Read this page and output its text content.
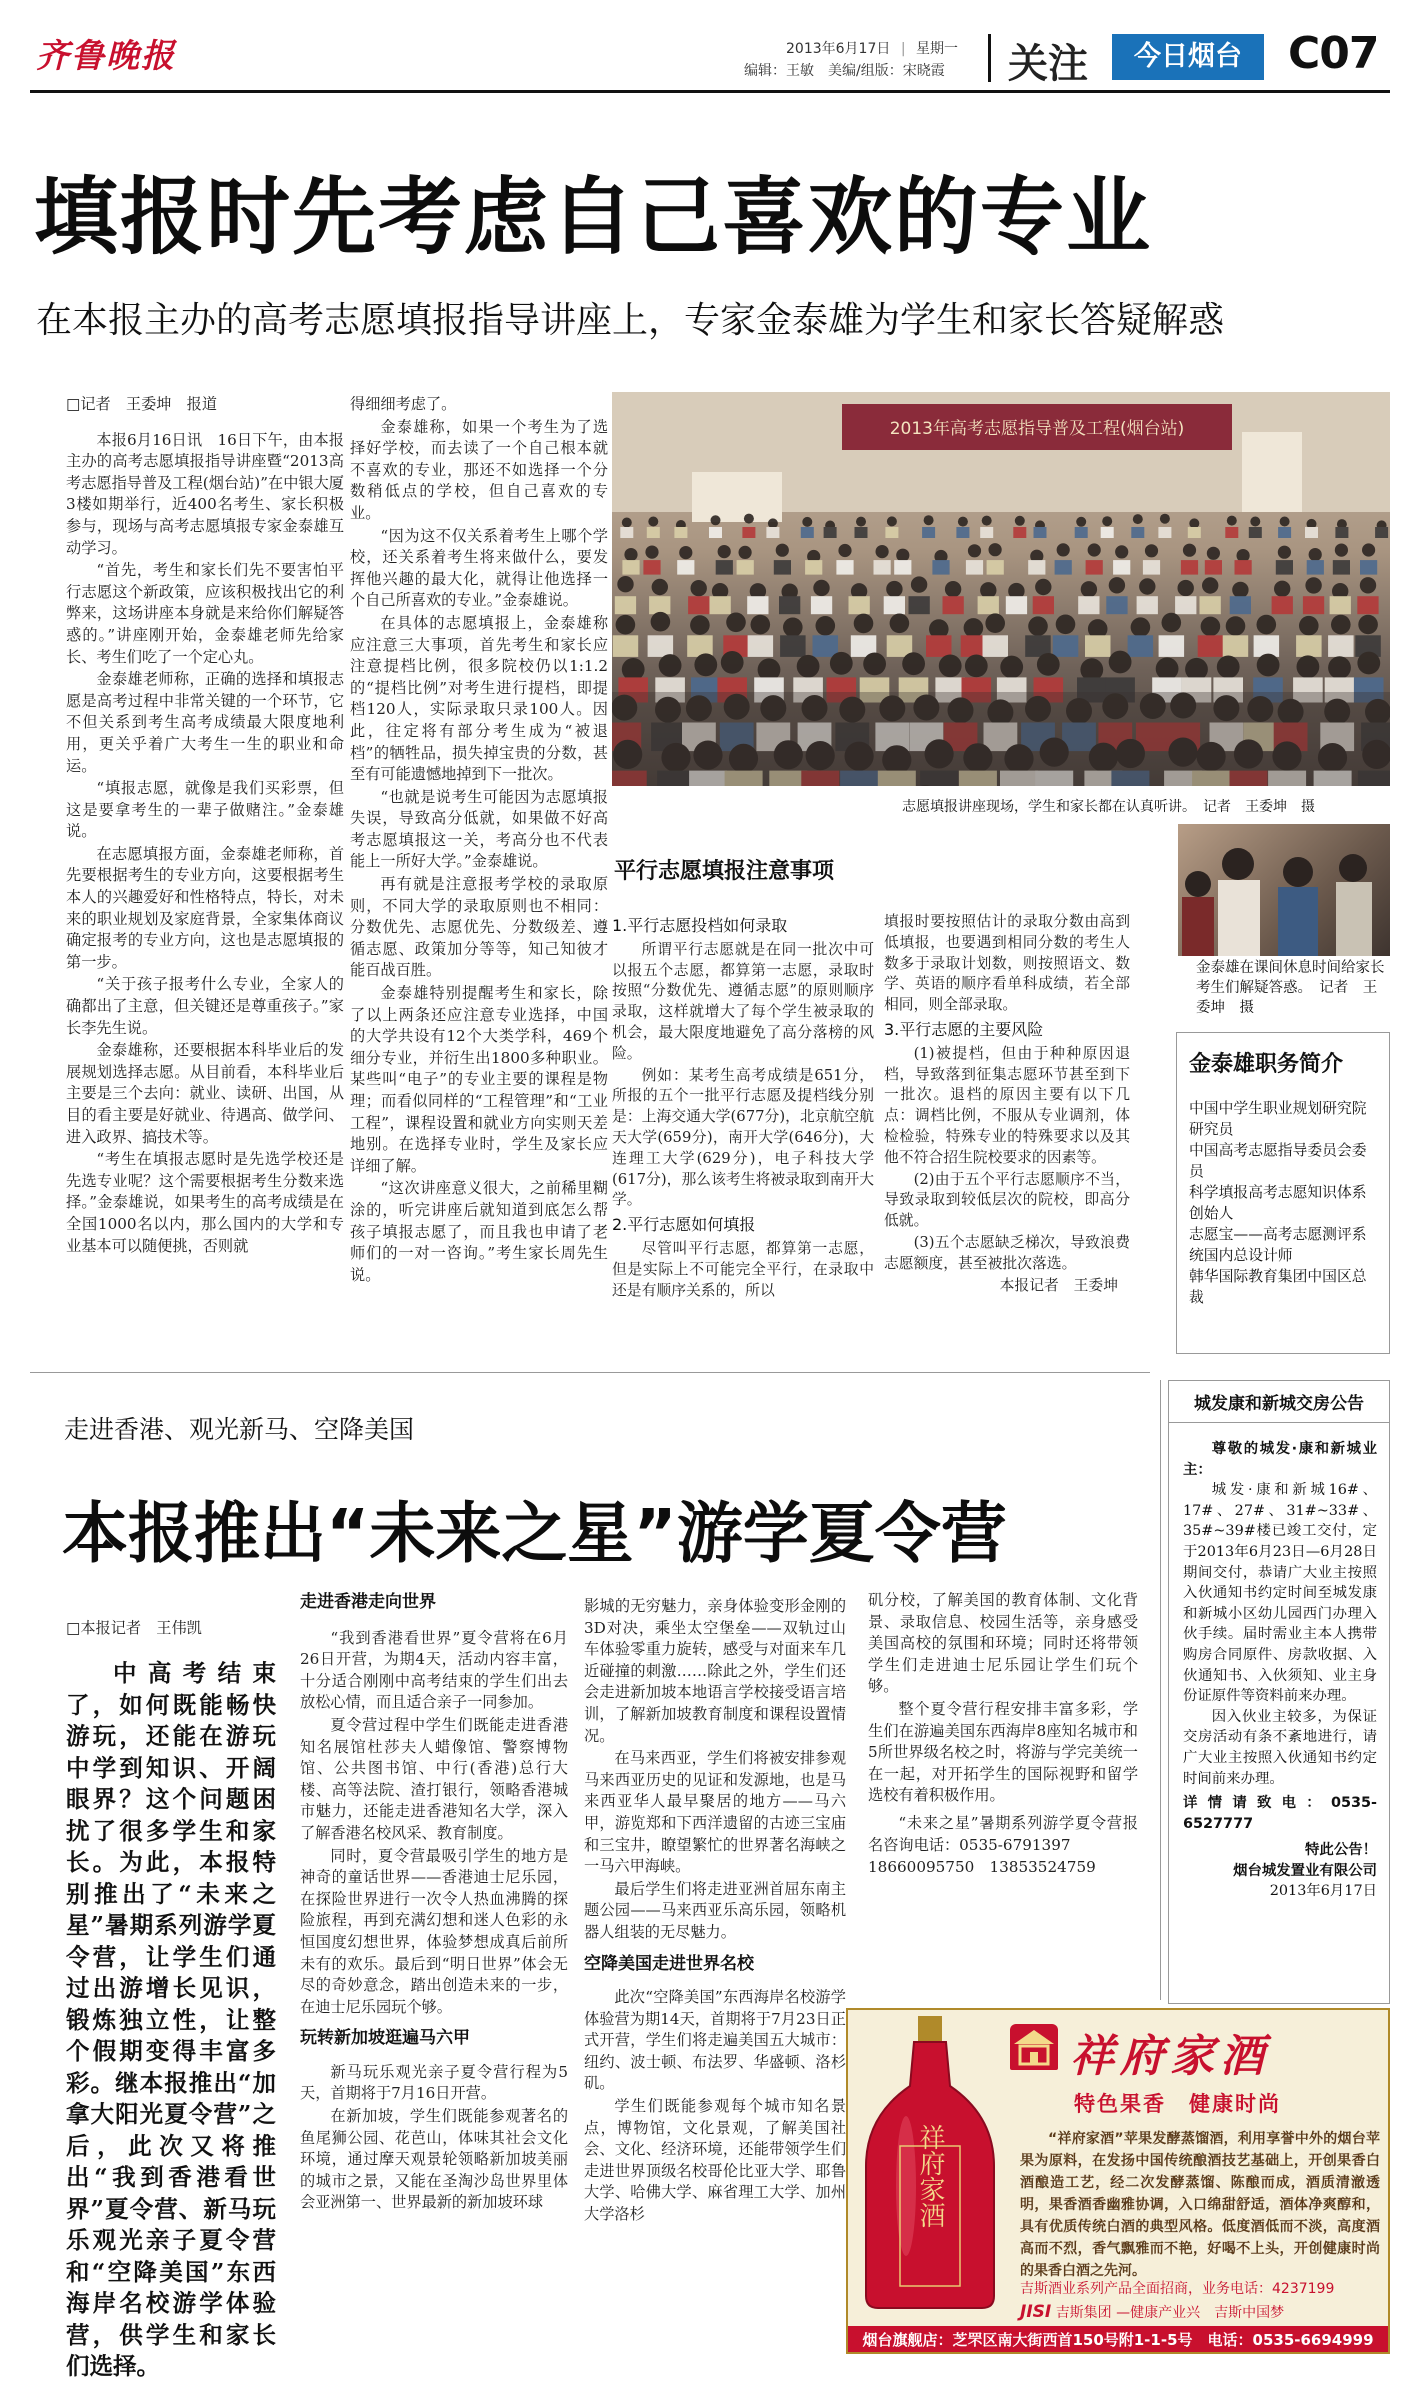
齐鲁晚报	2013年6月17日 | 星期一
编辑：王敏　美编/组版：宋晓霞 关注	今日烟台	C07
填报时先考虑自己喜欢的专业
在本报主办的高考志愿填报指导讲座上，专家金泰雄为学生和家长答疑解惑

□记者　王委坤　报道

本报6月16日讯　16日下午，由本报主办的高考志愿填报指导讲座暨“2013高考志愿指导普及工程(烟台站)”在中银大厦3楼如期举行，近400名考生、家长积极参与，现场与高考志愿填报专家金泰雄互动学习。

“首先，考生和家长们先不要害怕平行志愿这个新政策，应该积极找出它的利弊来，这场讲座本身就是来给你们解疑答惑的。”讲座刚开始，金泰雄老师先给家长、考生们吃了一个定心丸。

金泰雄老师称，正确的选择和填报志愿是高考过程中非常关键的一个环节，它不但关系到考生高考成绩最大限度地利用，更关乎着广大考生一生的职业和命运。

“填报志愿，就像是我们买彩票，但这是要拿考生的一辈子做赌注。”金泰雄说。

在志愿填报方面，金泰雄老师称，首先要根据考生的专业方向，这要根据考生本人的兴趣爱好和性格特点，特长，对未来的职业规划及家庭背景，全家集体商议确定报考的专业方向，这也是志愿填报的第一步。

“关于孩子报考什么专业，全家人的确都出了主意，但关键还是尊重孩子。”家长李先生说。

金泰雄称，还要根据本科毕业后的发展规划选择志愿。从目前看，本科毕业后主要是三个去向：就业、读研、出国，从目的看主要是好就业、待遇高、做学问、进入政界、搞技术等。

“考生在填报志愿时是先选学校还是先选专业呢？这个需要根据考生分数来选择。”金泰雄说，如果考生的高考成绩是在全国1000名以内，那么国内的大学和专业基本可以随便挑，否则就

得细细考虑了。

金泰雄称，如果一个考生为了选择好学校，而去读了一个自己根本就不喜欢的专业，那还不如选择一个分数稍低点的学校，但自己喜欢的专业。

“因为这不仅关系着考生上哪个学校，还关系着考生将来做什么，要发挥他兴趣的最大化，就得让他选择一个自己所喜欢的专业。”金泰雄说。

在具体的志愿填报上，金泰雄称应注意三大事项，首先考生和家长应注意提档比例，很多院校仍以1:1.2的“提档比例”对考生进行提档，即提档120人，实际录取只录100人。因此，往定将有部分考生成为“被退档”的牺牲品，损失掉宝贵的分数，甚至有可能遗憾地掉到下一批次。

“也就是说考生可能因为志愿填报失误，导致高分低就，如果做不好高考志愿填报这一关，考高分也不代表能上一所好大学。”金泰雄说。

再有就是注意报考学校的录取原则，不同大学的录取原则也不相同：分数优先、志愿优先、分数级差、遵循志愿、政策加分等等，知己知彼才能百战百胜。

金泰雄特别提醒考生和家长，除了以上两条还应注意专业选择，中国的大学共设有12个大类学科，469个细分专业，并衍生出1800多种职业。某些叫“电子”的专业主要的课程是物理；而看似同样的“工程管理”和“工业工程”，课程设置和就业方向实则天差地别。在选择专业时，学生及家长应详细了解。

“这次讲座意义很大，之前稀里糊涂的，听完讲座后就知道到底怎么帮孩子填报志愿了，而且我也申请了老师们的一对一咨询。”考生家长周先生说。

2013年高考志愿指导普及工程(烟台站)
志愿填报讲座现场，学生和家长都在认真听讲。　记者　王委坤　摄
金泰雄在课间休息时间给家长考生们解疑答惑。　记者　王委坤　摄
平行志愿填报注意事项
1.平行志愿投档如何录取

所谓平行志愿就是在同一批次中可以报五个志愿，都算第一志愿，录取时按照“分数优先、遵循志愿”的原则顺序录取，这样就增大了每个学生被录取的机会，最大限度地避免了高分落榜的风险。

例如：某考生高考成绩是651分，所报的五个一批平行志愿及提档线分别是：上海交通大学(677分)，北京航空航天大学(659分)，南开大学(646分)，大连理工大学(629分)，电子科技大学(617分)，那么该考生将被录取到南开大学。

2.平行志愿如何填报

尽管叫平行志愿，都算第一志愿，但是实际上不可能完全平行，在录取中还是有顺序关系的，所以

填报时要按照估计的录取分数由高到低填报，也要遇到相同分数的考生人数多于录取计划数，则按照语文、数学、英语的顺序看单科成绩，若全部相同，则全部录取。

3.平行志愿的主要风险

(1)被提档，但由于种种原因退档，导致落到征集志愿环节甚至到下一批次。退档的原因主要有以下几点：调档比例，不服从专业调剂，体检检验，特殊专业的特殊要求以及其他不符合招生院校要求的因素等。

(2)由于五个平行志愿顺序不当，导致录取到较低层次的院校，即高分低就。

(3)五个志愿缺乏梯次，导致浪费志愿额度，甚至被批次落选。

本报记者　王委坤

金泰雄职务简介
中国中学生职业规划研究院研究员
中国高考志愿指导委员会委员
科学填报高考志愿知识体系创始人
志愿宝——高考志愿测评系统国内总设计师
韩华国际教育集团中国区总裁
走进香港、观光新马、空降美国
本报推出“未来之星”游学夏令营

□本报记者　王伟凯

中高考结束了，如何既能畅快游玩，还能在游玩中学到知识、开阔眼界？这个问题困扰了很多学生和家长。为此，本报特别推出了“未来之星”暑期系列游学夏令营，让学生们通过出游增长见识，锻炼独立性，让整个假期变得丰富多彩。继本报推出“加拿大阳光夏令营”之后，此次又将推出“我到香港看世界”夏令营、新马玩乐观光亲子夏令营和“空降美国”东西海岸名校游学体验营，供学生和家长们选择。
走进香港走向世界

“我到香港看世界”夏令营将在6月26日开营，为期4天，活动内容丰富，十分适合刚刚中高考结束的学生们出去放松心情，而且适合亲子一同参加。

夏令营过程中学生们既能走进香港知名展馆杜莎夫人蜡像馆、警察博物馆、公共图书馆、中行(香港)总行大楼、高等法院、渣打银行，领略香港城市魅力，还能走进香港知名大学，深入了解香港名校风采、教育制度。

同时，夏令营最吸引学生的地方是神奇的童话世界——香港迪士尼乐园，在探险世界进行一次令人热血沸腾的探险旅程，再到充满幻想和迷人色彩的永恒国度幻想世界，体验梦想成真后前所未有的欢乐。最后到“明日世界”体会无尽的奇妙意念，踏出创造未来的一步，在迪士尼乐园玩个够。

玩转新加坡逛遍马六甲

新马玩乐观光亲子夏令营行程为5天，首期将于7月16日开营。

在新加坡，学生们既能参观著名的鱼尾狮公园、花芭山，体味其社会文化环境，通过摩天观景轮领略新加坡美丽的城市之景，又能在圣淘沙岛世界里体会亚洲第一、世界最新的新加坡环球

影城的无穷魅力，亲身体验变形金刚的3D对决，乘坐太空堡垒——双轨过山车体验零重力旋转，感受与对面来车几近碰撞的刺激……除此之外，学生们还会走进新加坡本地语言学校接受语言培训，了解新加坡教育制度和课程设置情况。

在马来西亚，学生们将被安排参观马来西亚历史的见证和发源地，也是马来西亚华人最早聚居的地方——马六甲，游览郑和下西洋遗留的古迹三宝庙和三宝井，瞭望繁忙的世界著名海峡之一马六甲海峡。

最后学生们将走进亚洲首屈东南主题公园——马来西亚乐高乐园，领略机器人组装的无尽魅力。

空降美国走进世界名校

此次“空降美国”东西海岸名校游学体验营为期14天，首期将于7月23日正式开营，学生们将走遍美国五大城市：纽约、波士顿、布法罗、华盛顿、洛杉矶。

学生们既能参观每个城市知名景点，博物馆，文化景观，了解美国社会、文化、经济环境，还能带领学生们走进世界顶级名校哥伦比亚大学、耶鲁大学、哈佛大学、麻省理工大学、加州大学洛杉

矶分校，了解美国的教育体制、文化背景、录取信息、校园生活等，亲身感受美国高校的氛围和环境；同时还将带领学生们走进迪士尼乐园让学生们玩个够。

整个夏令营行程安排丰富多彩，学生们在游遍美国东西海岸8座知名城市和5所世界级名校之时，将游与学完美统一在一起，对开拓学生的国际视野和留学选校有着积极作用。

“未来之星”暑期系列游学夏令营报名咨询电话：0535-6791397

18660095750　13853524759

城发康和新城交房公告
尊敬的城发·康和新城业主：
城发·康和新城16#、17#、27#、31#~33#、35#~39#楼已竣工交付，定于2013年6月23日—6月28日期间交付，恭请广大业主按照入伙通知书约定时间至城发康和新城小区幼儿园西门办理入伙手续。届时需业主本人携带购房合同原件、房款收据、入伙通知书、入伙须知、业主身份证原件等资料前来办理。
因入伙业主较多，为保证交房活动有条不紊地进行，请广大业主按照入伙通知书约定时间前来办理。
详情请致电：0535-6527777
特此公告！
烟台城发置业有限公司
2013年6月17日
祥府家酒
祥府家酒
特色果香　健康时尚
“祥府家酒”苹果发酵蒸馏酒，利用享誉中外的烟台苹果为原料，在发扬中国传统酿酒技艺基础上，开创果香白酒酿造工艺，经二次发酵蒸馏、陈酿而成，酒质清澈透明，果香酒香幽雅协调，入口绵甜舒适，酒体净爽醇和，具有优质传统白酒的典型风格。低度酒低而不淡，高度酒高而不烈，香气飘雅而不艳，好喝不上头，开创健康时尚的果香白酒之先河。
吉斯酒业系列产品全面招商，业务电话：4237199
JISI 吉斯集团 —健康产业兴　吉斯中国梦
烟台旗舰店：芝罘区南大街西首150号附1-1-5号　电话：0535-6694999
